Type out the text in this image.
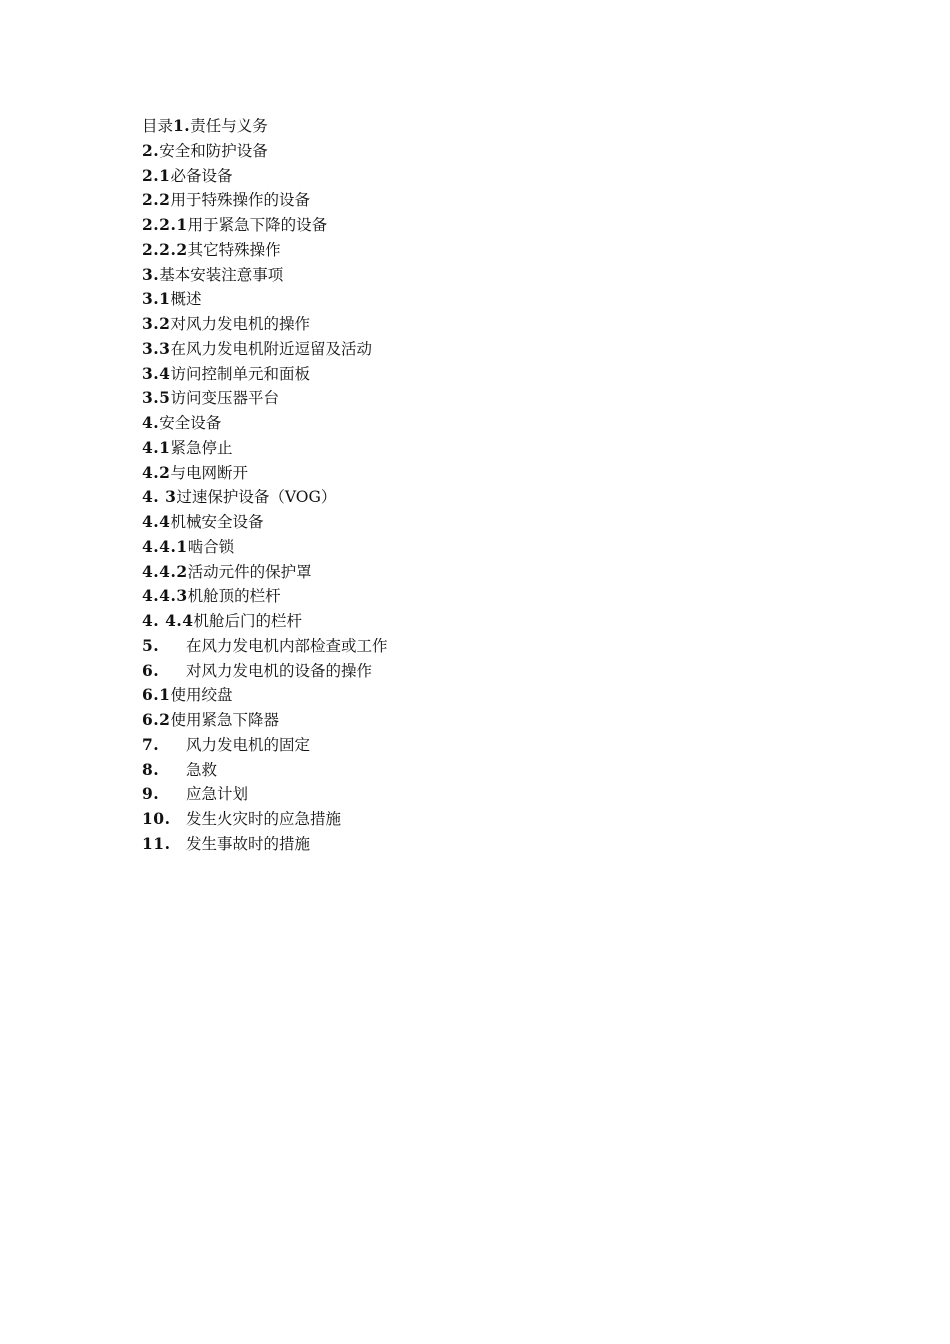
目录1.责任与义务
2.安全和防护设备
2.1必备设备
2.2用于特殊操作的设备
2.2.1用于紧急下降的设备
2.2.2其它特殊操作
3.基本安装注意事项
3.1概述
3.2对风力发电机的操作
3.3在风力发电机附近逗留及活动
3.4访问控制单元和面板
3.5访问变压器平台
4.安全设备
4.1紧急停止
4.2与电网断开
4. 3过速保护设备（VOG）
4.4机械安全设备
4.4.1啮合锁
4.4.2活动元件的保护罩
4.4.3机舱顶的栏杆
4. 4.4机舱后门的栏杆
5. 在风力发电机内部检查或工作
6. 对风力发电机的设备的操作
6.1使用绞盘
6.2使用紧急下降器
7. 风力发电机的固定
8. 急救
9. 应急计划
10. 发生火灾时的应急措施
11. 发生事故时的措施
